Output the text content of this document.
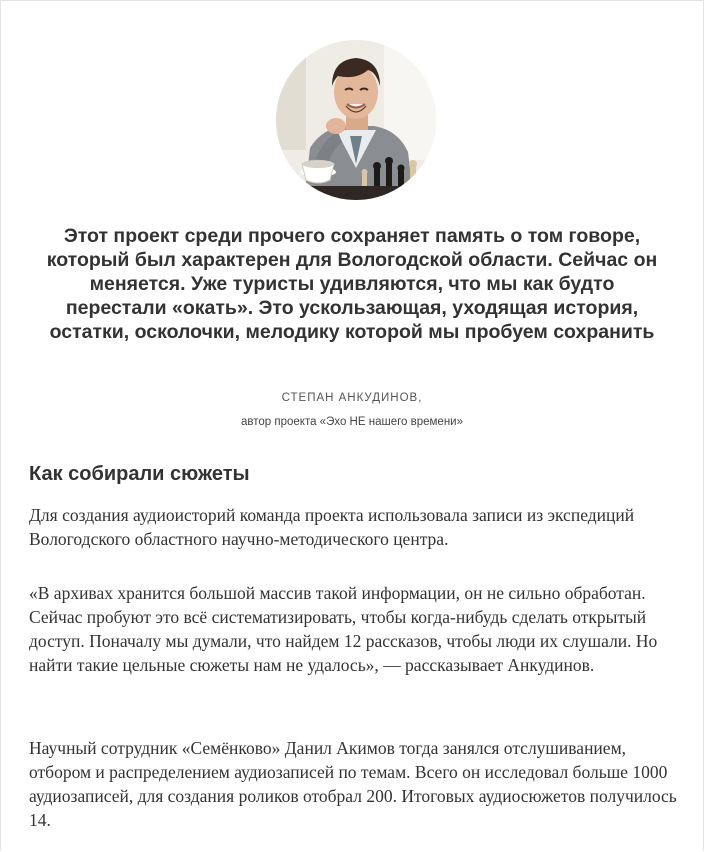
Этот проект среди прочего сохраняет память о том говоре, который был характерен для Вологодской области. Сейчас он меняется. Уже туристы удивляются, что мы как будто перестали «окать». Это ускользающая, уходящая история, остатки, осколочки, мелодику которой мы пробуем сохранить

СТЕПАН АНКУДИНОВ,

автор проекта «Эхо НЕ нашего времени»

Как собирали сюжеты

Для создания аудиоисторий команда проекта использовала записи из экспедиций Вологодского областного научно-методического центра.

«В архивах хранится большой массив такой информации, он не сильно обработан. Сейчас пробуют это всё систематизировать, чтобы когда-нибудь сделать открытый доступ. Поначалу мы думали, что найдем 12 рассказов, чтобы люди их слушали. Но найти такие цельные сюжеты нам не удалось», — рассказывает Анкудинов.

Научный сотрудник «Семёнково» Данил Акимов тогда занялся отслушиванием, отбором и распределением аудиозаписей по темам. Всего он исследовал больше 1000 аудиозаписей, для создания роликов отобрал 200. Итоговых аудиосюжетов получилось 14.
